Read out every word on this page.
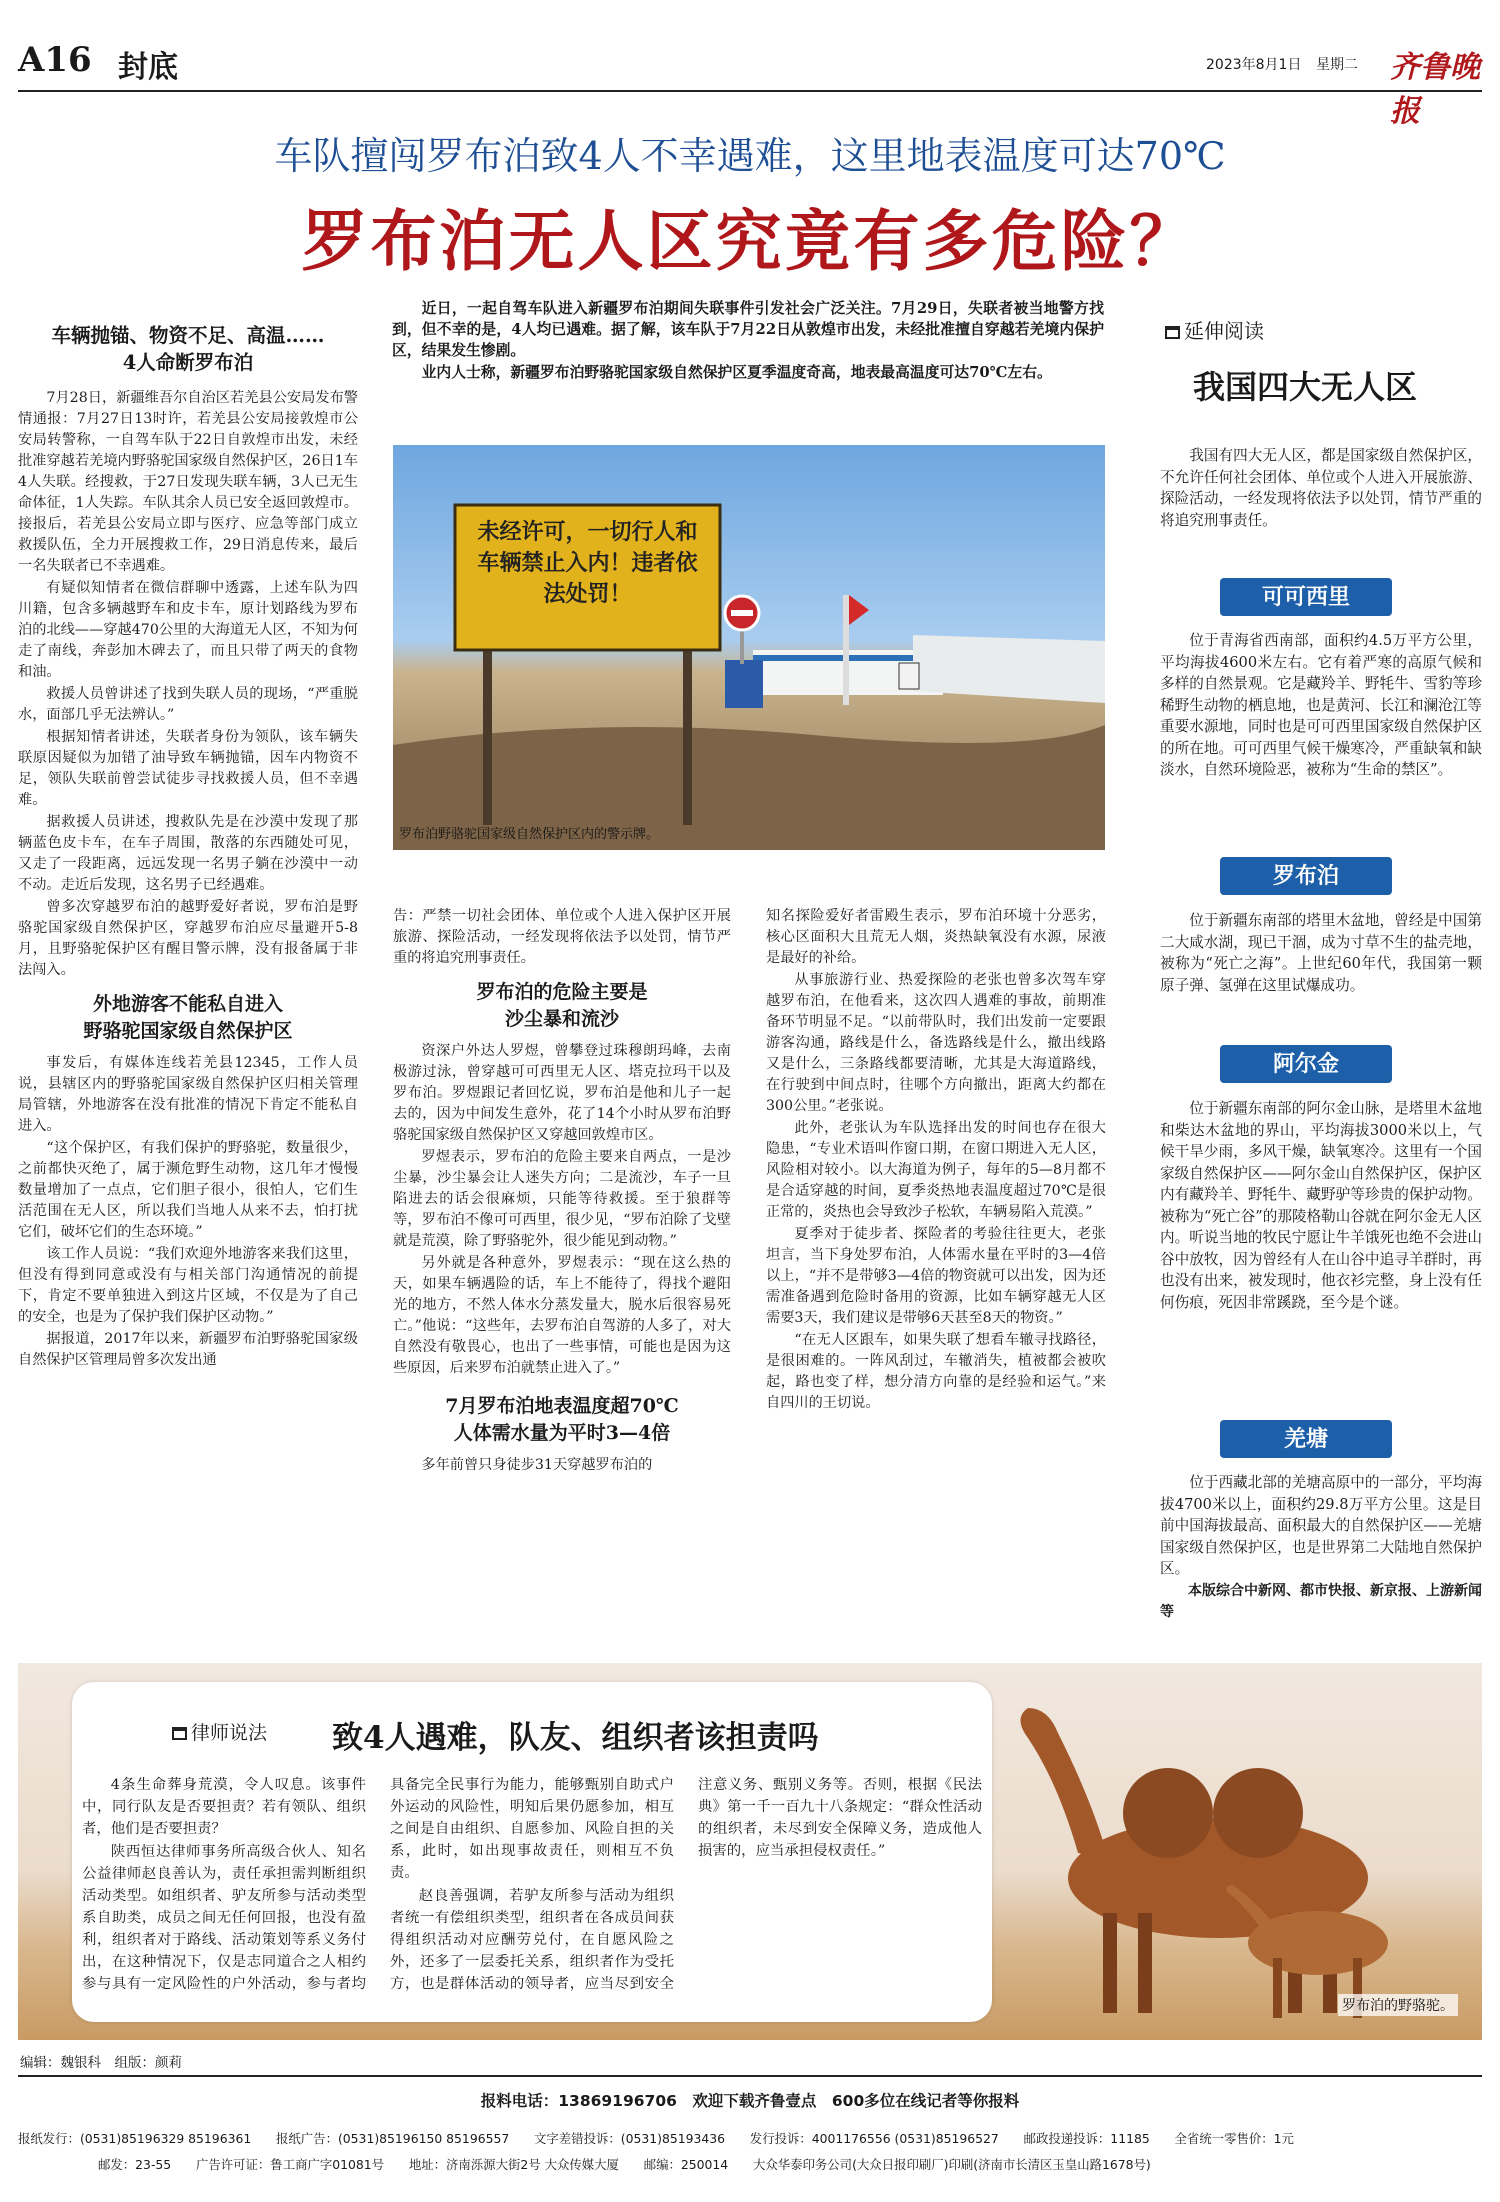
A16 封底	2023年8月1日 星期二 齐鲁晚报
车队擅闯罗布泊致4人不幸遇难，这里地表温度可达70℃
罗布泊无人区究竟有多危险？
车辆抛锚、物资不足、高温……
4人命断罗布泊

7月28日，新疆维吾尔自治区若羌县公安局发布警情通报：7月27日13时许，若羌县公安局接敦煌市公安局转警称，一自驾车队于22日自敦煌市出发，未经批准穿越若羌境内野骆驼国家级自然保护区，26日1车4人失联。经搜救，于27日发现失联车辆，3人已无生命体征，1人失踪。车队其余人员已安全返回敦煌市。接报后，若羌县公安局立即与医疗、应急等部门成立救援队伍，全力开展搜救工作，29日消息传来，最后一名失联者已不幸遇难。

有疑似知情者在微信群聊中透露，上述车队为四川籍，包含多辆越野车和皮卡车，原计划路线为罗布泊的北线——穿越470公里的大海道无人区，不知为何走了南线，奔彭加木碑去了，而且只带了两天的食物和油。

救援人员曾讲述了找到失联人员的现场，“严重脱水，面部几乎无法辨认。”

根据知情者讲述，失联者身份为领队，该车辆失联原因疑似为加错了油导致车辆抛锚，因车内物资不足，领队失联前曾尝试徒步寻找救援人员，但不幸遇难。

据救援人员讲述，搜救队先是在沙漠中发现了那辆蓝色皮卡车，在车子周围，散落的东西随处可见，又走了一段距离，远远发现一名男子躺在沙漠中一动不动。走近后发现，这名男子已经遇难。

曾多次穿越罗布泊的越野爱好者说，罗布泊是野骆驼国家级自然保护区，穿越罗布泊应尽量避开5-8月，且野骆驼保护区有醒目警示牌，没有报备属于非法闯入。

外地游客不能私自进入
野骆驼国家级自然保护区

事发后，有媒体连线若羌县12345，工作人员说，县辖区内的野骆驼国家级自然保护区归相关管理局管辖，外地游客在没有批准的情况下肯定不能私自进入。

“这个保护区，有我们保护的野骆驼，数量很少，之前都快灭绝了，属于濒危野生动物，这几年才慢慢数量增加了一点点，它们胆子很小，很怕人，它们生活范围在无人区，所以我们当地人从来不去，怕打扰它们，破坏它们的生态环境。”

该工作人员说：“我们欢迎外地游客来我们这里，但没有得到同意或没有与相关部门沟通情况的前提下，肯定不要单独进入到这片区域，不仅是为了自己的安全，也是为了保护我们保护区动物。”

据报道，2017年以来，新疆罗布泊野骆驼国家级自然保护区管理局曾多次发出通

近日，一起自驾车队进入新疆罗布泊期间失联事件引发社会广泛关注。7月29日，失联者被当地警方找到，但不幸的是，4人均已遇难。据了解，该车队于7月22日从敦煌市出发，未经批准擅自穿越若羌境内保护区，结果发生惨剧。

业内人士称，新疆罗布泊野骆驼国家级自然保护区夏季温度奇高，地表最高温度可达70℃左右。

未经许可，一切行人和车辆禁止入内！违者依法处罚！
罗布泊野骆驼国家级自然保护区内的警示牌。

告：严禁一切社会团体、单位或个人进入保护区开展旅游、探险活动，一经发现将依法予以处罚，情节严重的将追究刑事责任。

罗布泊的危险主要是
沙尘暴和流沙

资深户外达人罗煜，曾攀登过珠穆朗玛峰，去南极游过泳，曾穿越可可西里无人区、塔克拉玛干以及罗布泊。罗煜跟记者回忆说，罗布泊是他和儿子一起去的，因为中间发生意外，花了14个小时从罗布泊野骆驼国家级自然保护区又穿越回敦煌市区。

罗煜表示，罗布泊的危险主要来自两点，一是沙尘暴，沙尘暴会让人迷失方向；二是流沙，车子一旦陷进去的话会很麻烦，只能等待救援。至于狼群等等，罗布泊不像可可西里，很少见，“罗布泊除了戈壁就是荒漠，除了野骆驼外，很少能见到动物。”

另外就是各种意外，罗煜表示：“现在这么热的天，如果车辆遇险的话，车上不能待了，得找个避阳光的地方，不然人体水分蒸发量大，脱水后很容易死亡。”他说：“这些年，去罗布泊自驾游的人多了，对大自然没有敬畏心，也出了一些事情，可能也是因为这些原因，后来罗布泊就禁止进入了。”

7月罗布泊地表温度超70℃
人体需水量为平时3—4倍

多年前曾只身徒步31天穿越罗布泊的

知名探险爱好者雷殿生表示，罗布泊环境十分恶劣，核心区面积大且荒无人烟，炎热缺氧没有水源，尿液是最好的补给。

从事旅游行业、热爱探险的老张也曾多次驾车穿越罗布泊，在他看来，这次四人遇难的事故，前期准备环节明显不足。“以前带队时，我们出发前一定要跟游客沟通，路线是什么，备选路线是什么，撤出线路又是什么，三条路线都要清晰，尤其是大海道路线，在行驶到中间点时，往哪个方向撤出，距离大约都在300公里。”老张说。

此外，老张认为车队选择出发的时间也存在很大隐患，“专业术语叫作窗口期，在窗口期进入无人区，风险相对较小。以大海道为例子，每年的5—8月都不是合适穿越的时间，夏季炎热地表温度超过70℃是很正常的，炎热也会导致沙子松软，车辆易陷入荒漠。”

夏季对于徒步者、探险者的考验往往更大，老张坦言，当下身处罗布泊，人体需水量在平时的3—4倍以上，“并不是带够3—4倍的物资就可以出发，因为还需准备遇到危险时备用的资源，比如车辆穿越无人区需要3天，我们建议是带够6天甚至8天的物资。”

“在无人区跟车，如果失联了想看车辙寻找路径，是很困难的。一阵风刮过，车辙消失，植被都会被吹起，路也变了样，想分清方向靠的是经验和运气。”来自四川的王切说。

延伸阅读
我国四大无人区

我国有四大无人区，都是国家级自然保护区，不允许任何社会团体、单位或个人进入开展旅游、探险活动，一经发现将依法予以处罚，情节严重的将追究刑事责任。

可可西里

位于青海省西南部，面积约4.5万平方公里，平均海拔4600米左右。它有着严寒的高原气候和多样的自然景观。它是藏羚羊、野牦牛、雪豹等珍稀野生动物的栖息地，也是黄河、长江和澜沧江等重要水源地，同时也是可可西里国家级自然保护区的所在地。可可西里气候干燥寒冷，严重缺氧和缺淡水，自然环境险恶，被称为“生命的禁区”。

罗布泊

位于新疆东南部的塔里木盆地，曾经是中国第二大咸水湖，现已干涸，成为寸草不生的盐壳地，被称为“死亡之海”。上世纪60年代，我国第一颗原子弹、氢弹在这里试爆成功。

阿尔金

位于新疆东南部的阿尔金山脉，是塔里木盆地和柴达木盆地的界山，平均海拔3000米以上，气候干旱少雨，多风干燥，缺氧寒冷。这里有一个国家级自然保护区——阿尔金山自然保护区，保护区内有藏羚羊、野牦牛、藏野驴等珍贵的保护动物。被称为“死亡谷”的那陵格勒山谷就在阿尔金无人区内。听说当地的牧民宁愿让牛羊饿死也绝不会进山谷中放牧，因为曾经有人在山谷中追寻羊群时，再也没有出来，被发现时，他衣衫完整，身上没有任何伤痕，死因非常蹊跷，至今是个谜。

羌塘

位于西藏北部的羌塘高原中的一部分，平均海拔4700米以上，面积约29.8万平方公里。这是目前中国海拔最高、面积最大的自然保护区——羌塘国家级自然保护区，也是世界第二大陆地自然保护区。

本版综合中新网、都市快报、新京报、上游新闻等

罗布泊的野骆驼。
律师说法 致4人遇难，队友、组织者该担责吗

4条生命葬身荒漠，令人叹息。该事件中，同行队友是否要担责？若有领队、组织者，他们是否要担责？

陕西恒达律师事务所高级合伙人、知名公益律师赵良善认为，责任承担需判断组织活动类型。如组织者、驴友所参与活动类型系自助类，成员之间无任何回报，也没有盈利，组织者对于路线、活动策划等系义务付出，在这种情况下，仅是志同道合之人相约参与具有一定风险性的户外活动，参与者均具备完全民事行为能力，能够甄别自助式户外运动的风险性，明知后果仍愿参加，相互之间是自由组织、自愿参加、风险自担的关系，此时，如出现事故责任，则相互不负责。

赵良善强调，若驴友所参与活动为组织者统一有偿组织类型，组织者在各成员间获得组织活动对应酬劳兑付，在自愿风险之外，还多了一层委托关系，组织者作为受托方，也是群体活动的领导者，应当尽到安全注意义务、甄别义务等。否则，根据《民法典》第一千一百九十八条规定：“群众性活动的组织者，未尽到安全保障义务，造成他人损害的，应当承担侵权责任。”

编辑：魏银科　组版：颜莉
报料电话：13869196706　欢迎下载齐鲁壹点　600多位在线记者等你报料
报纸发行：(0531)85196329 85196361　　报纸广告：(0531)85196150 85196557　　文字差错投诉：(0531)85193436　　发行投诉：4001176556 (0531)85196527　　邮政投递投诉：11185　　全省统一零售价：1元
邮发：23-55　　广告许可证：鲁工商广字01081号　　地址：济南泺源大街2号 大众传媒大厦　　邮编：250014　　大众华泰印务公司(大众日报印刷厂)印刷(济南市长清区玉皇山路1678号)
